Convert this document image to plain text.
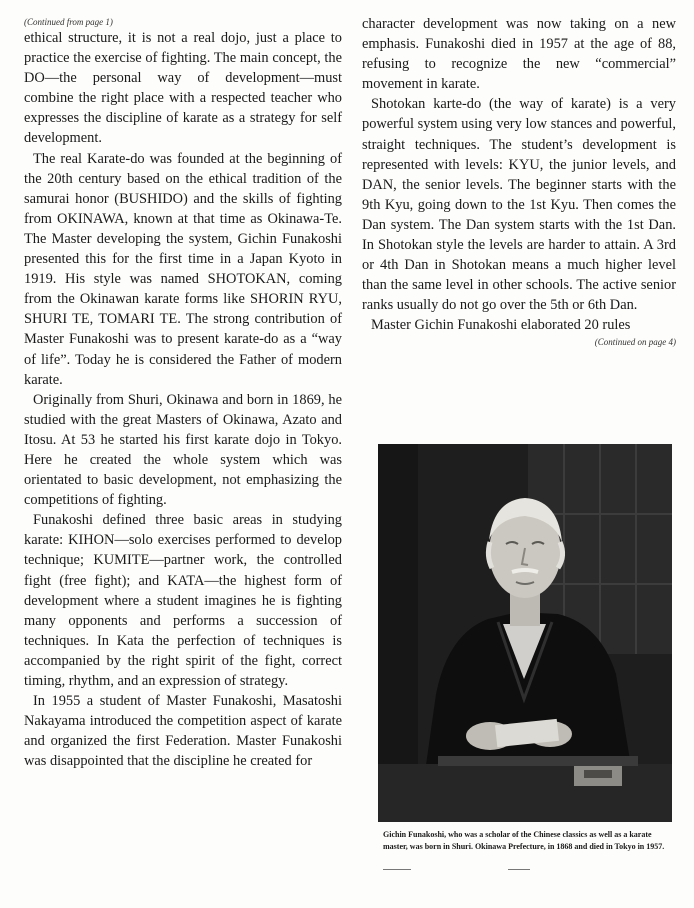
(Continued from page 1)

ethical structure, it is not a real dojo, just a place to practice the exercise of fighting. The main concept, the DO—the personal way of development—must combine the right place with a respected teacher who expresses the discipline of karate as a strategy for self development.

The real Karate-do was founded at the beginning of the 20th century based on the ethical tradition of the samurai honor (BUSHIDO) and the skills of fighting from OKINAWA, known at that time as Okinawa-Te. The Master developing the system, Gichin Funakoshi presented this for the first time in a Japan Kyoto in 1919. His style was named SHOTOKAN, coming from the Okinawan karate forms like SHORIN RYU, SHURI TE, TOMARI TE. The strong contribution of Master Funakoshi was to present karate-do as a “way of life”. Today he is considered the Father of modern karate.

Originally from Shuri, Okinawa and born in 1869, he studied with the great Masters of Okinawa, Azato and Itosu. At 53 he started his first karate dojo in Tokyo. Here he created the whole system which was orientated to basic development, not emphasizing the competitions of fighting.

Funakoshi defined three basic areas in studying karate: KIHON—solo exercises performed to develop technique; KUMITE—partner work, the controlled fight (free fight); and KATA—the highest form of development where a student imagines he is fighting many opponents and performs a succession of techniques. In Kata the perfection of techniques is accompanied by the right spirit of the fight, correct timing, rhythm, and an expression of strategy.

In 1955 a student of Master Funakoshi, Masatoshi Nakayama introduced the competition aspect of karate and organized the first Federation. Master Funakoshi was disappointed that the discipline he created for

character development was now taking on a new emphasis. Funakoshi died in 1957 at the age of 88, refusing to recognize the new “commercial” movement in karate.

Shotokan karte-do (the way of karate) is a very powerful system using very low stances and powerful, straight techniques. The student’s development is represented with levels: KYU, the junior levels, and DAN, the senior levels. The beginner starts with the 9th Kyu, going down to the 1st Kyu. Then comes the Dan system. The Dan system starts with the 1st Dan. In Shotokan style the levels are harder to attain. A 3rd or 4th Dan in Shotokan means a much higher level than the same level in other schools. The active senior ranks usually do not go over the 5th or 6th Dan.

Master Gichin Funakoshi elaborated 20 rules

(Continued on page 4)

Gichin Funakoshi, who was a scholar of the Chinese classics as well as a karate master, was born in Shuri. Okinawa Prefecture, in 1868 and died in Tokyo in 1957.
